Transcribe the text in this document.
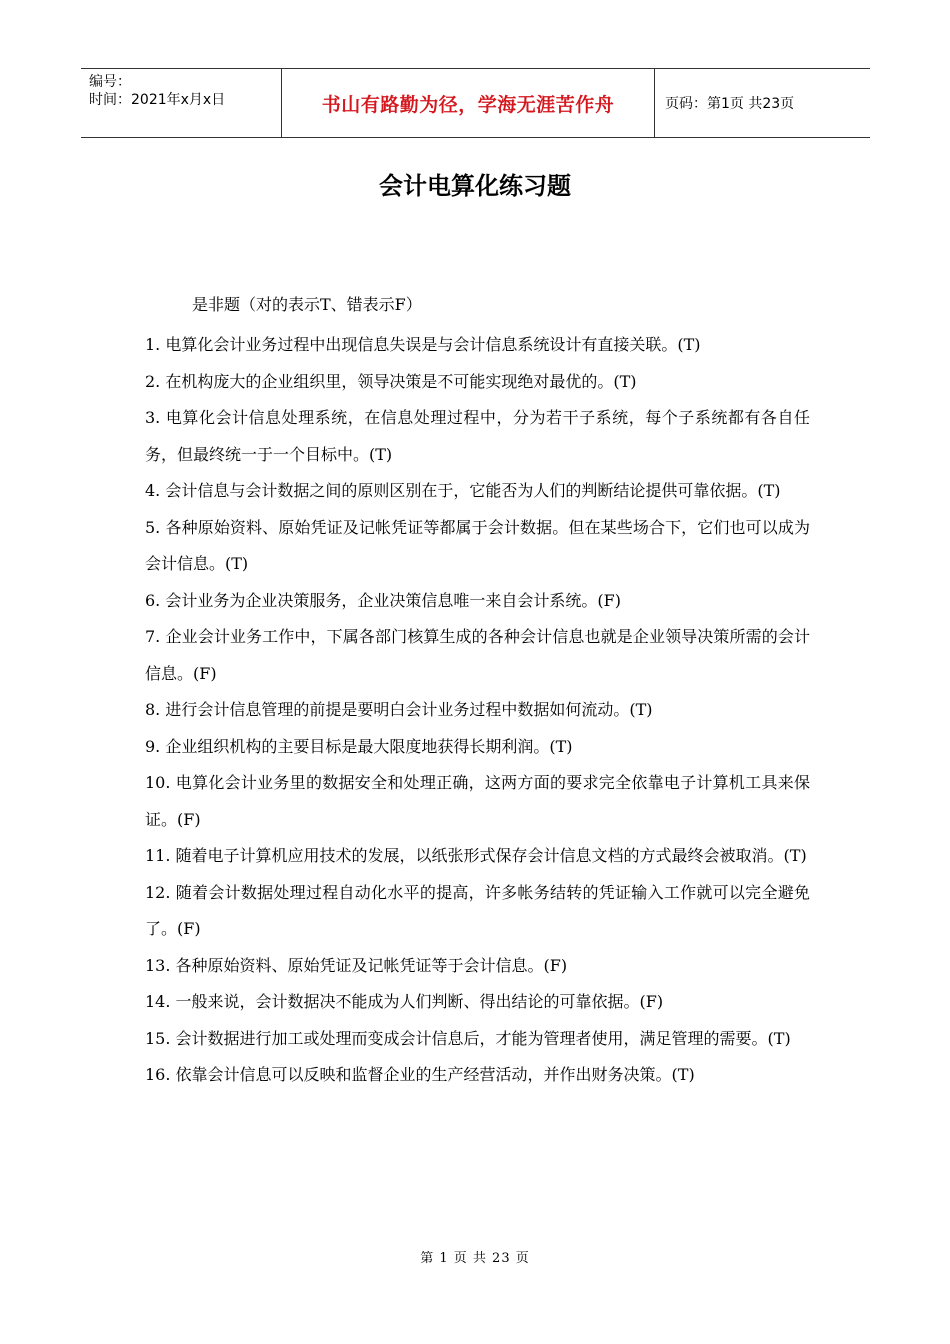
编号：
时间：2021年x月x日	书山有路勤为径，学海无涯苦作舟	页码：第1页 共23页
会计电算化练习题
是非题（对的表示T、错表示F）
1. 电算化会计业务过程中出现信息失误是与会计信息系统设计有直接关联。(T)
2. 在机构庞大的企业组织里，领导决策是不可能实现绝对最优的。(T)
3. 电算化会计信息处理系统，在信息处理过程中，分为若干子系统，每个子系统都有各自任务，但最终统一于一个目标中。(T)
4. 会计信息与会计数据之间的原则区别在于，它能否为人们的判断结论提供可靠依据。(T)
5. 各种原始资料、原始凭证及记帐凭证等都属于会计数据。但在某些场合下，它们也可以成为会计信息。(T)
6. 会计业务为企业决策服务，企业决策信息唯一来自会计系统。(F)
7. 企业会计业务工作中，下属各部门核算生成的各种会计信息也就是企业领导决策所需的会计信息。(F)
8. 进行会计信息管理的前提是要明白会计业务过程中数据如何流动。(T)
9. 企业组织机构的主要目标是最大限度地获得长期利润。(T)
10. 电算化会计业务里的数据安全和处理正确，这两方面的要求完全依靠电子计算机工具来保证。(F)
11. 随着电子计算机应用技术的发展，以纸张形式保存会计信息文档的方式最终会被取消。(T)
12. 随着会计数据处理过程自动化水平的提高，许多帐务结转的凭证输入工作就可以完全避免了。(F)
13. 各种原始资料、原始凭证及记帐凭证等于会计信息。(F)
14. 一般来说，会计数据决不能成为人们判断、得出结论的可靠依据。(F)
15. 会计数据进行加工或处理而变成会计信息后，才能为管理者使用，满足管理的需要。(T)
16. 依靠会计信息可以反映和监督企业的生产经营活动，并作出财务决策。(T)
第 1 页 共 23 页
